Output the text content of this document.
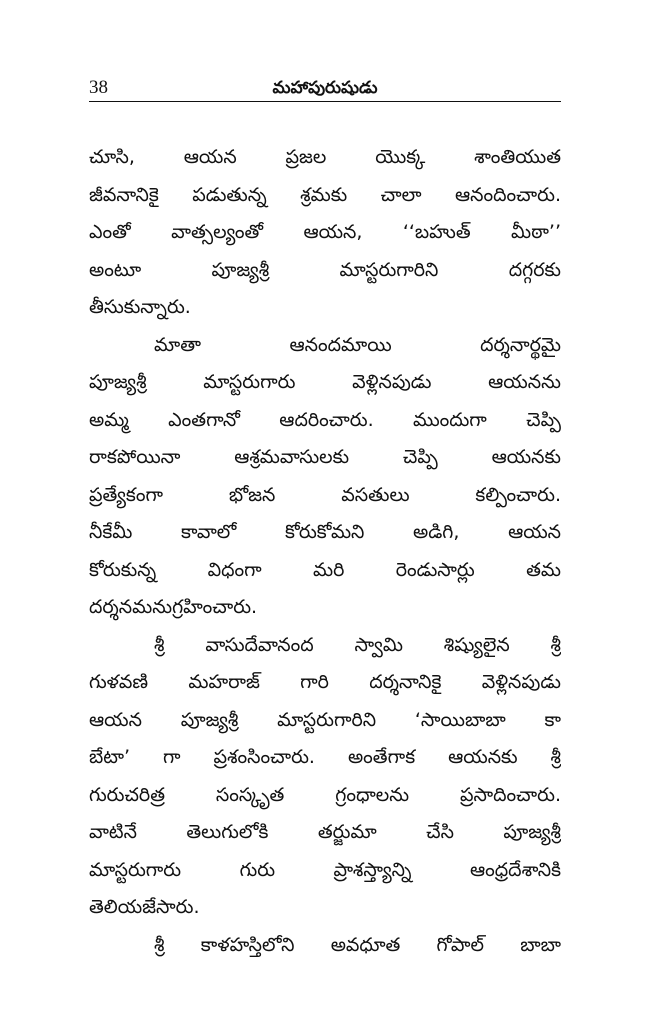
38	మహాపురుషుడు
చూసి, ఆయన ప్రజల యొక్క శాంతియుత
జీవనానికై పడుతున్న శ్రమకు చాలా ఆనందించారు.
ఎంతో వాత్సల్యంతో ఆయన, ‘‘బహుత్ మీఠా’’
అంటూ పూజ్యశ్రీ మాస్టరుగారిని దగ్గరకు
తీసుకున్నారు.
మాతా ఆనందమాయి దర్శనార్థమై
పూజ్యశ్రీ మాస్టరుగారు వెళ్లినపుడు ఆయనను
అమ్మ ఎంతగానో ఆదరించారు. ముందుగా చెప్పి
రాకపోయినా ఆశ్రమవాసులకు చెప్పి ఆయనకు
ప్రత్యేకంగా భోజన వసతులు కల్పించారు.
నీకేమీ కావాలో కోరుకోమని అడిగి, ఆయన
కోరుకున్న విధంగా మరి రెండుసార్లు తమ
దర్శనమనుగ్రహించారు.
శ్రీ వాసుదేవానంద స్వామి శిష్యులైన శ్రీ
గుళవణి మహరాజ్ గారి దర్శనానికై వెళ్లినపుడు
ఆయన పూజ్యశ్రీ మాస్టరుగారిని ‘సాయిబాబా కా
బేటా’ గా ప్రశంసించారు. అంతేగాక ఆయనకు శ్రీ
గురుచరిత్ర సంస్కృత గ్రంధాలను ప్రసాదించారు.
వాటినే తెలుగులోకి తర్జుమా చేసి పూజ్యశ్రీ
మాస్టరుగారు గురు ప్రాశస్త్యాన్ని ఆంధ్రదేశానికి
తెలియజేసారు.
శ్రీ కాళహస్తిలోని అవధూత గోపాల్ బాబా
